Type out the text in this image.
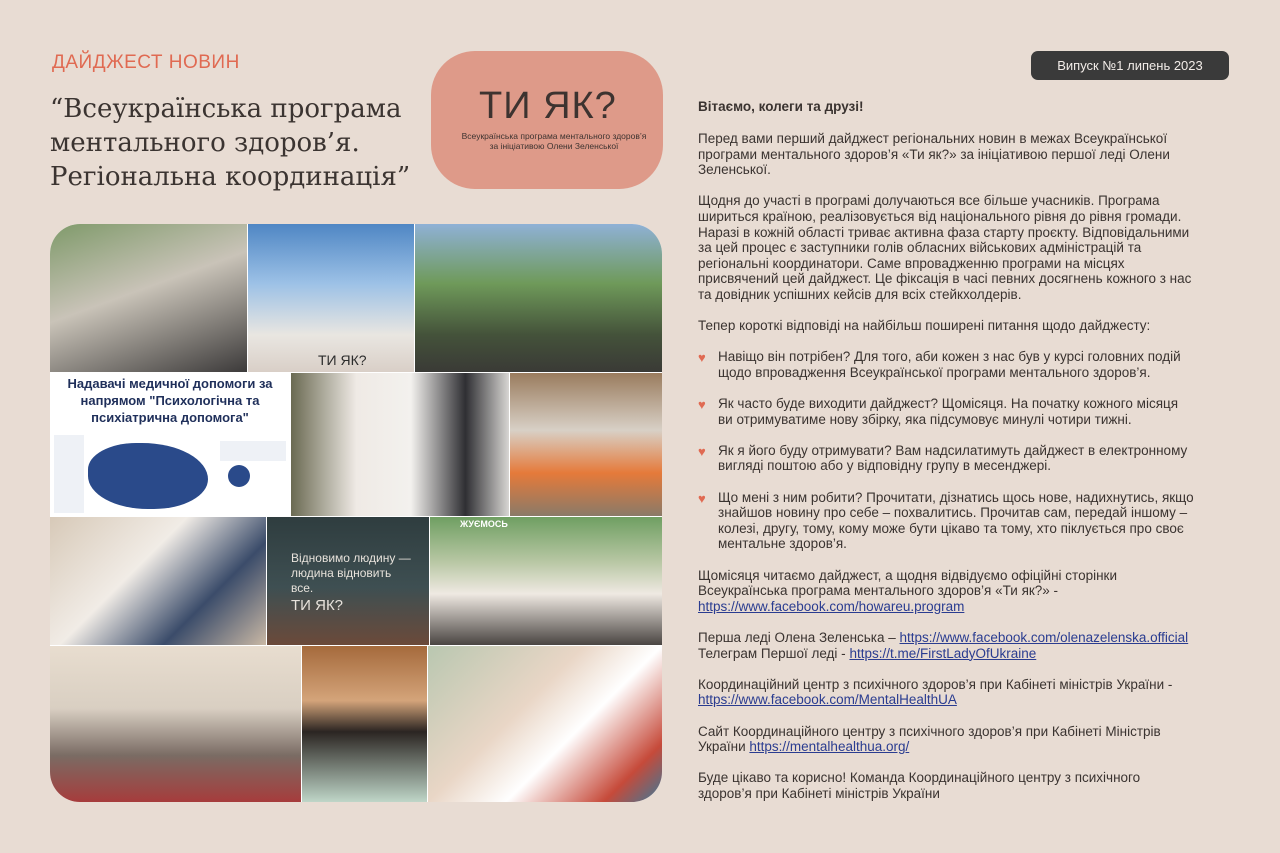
ДАЙДЖЕСТ НОВИН
“Всеукраїнська програма ментального здоров’я. Регіональна координація”
ТИ ЯК?
Всеукраїнська програма ментального здоров’я за ініціативою Олени Зеленської
Випуск №1 липень 2023
ТИ ЯК?
Надавачі медичної допомоги за напрямом "Психологічна та психіатрична допомога"
Відновимо людину — людина відновить все.
ТИ ЯК?
ЖУЄМОСЬ
Вітаємо, колеги та друзі!

Перед вами перший дайджест регіональних новин в межах Всеукраїнської
програми ментального здоров’я «Ти як?» за ініціативою першої леді Олени
Зеленської.

Щодня до участі в програмі долучаються все більше учасників. Програма
шириться країною, реалізовується від національного рівня до рівня громади.
Наразі в кожній області триває активна фаза старту проєкту. Відповідальними
за цей процес є заступники голів обласних військових адміністрацій та
регіональні координатори. Саме впровадженню програми на місцях
присвячений цей дайджест. Це фіксація в часі певних досягнень кожного з нас
та довідник успішних кейсів для всіх стейкхолдерів.

Тепер короткі відповіді на найбільш поширені питання щодо дайджесту:

♥ Навіщо він потрібен? Для того, аби кожен з нас був у курсі головних подій
щодо впровадження Всеукраїнської програми ментального здоров’я.

♥ Як часто буде виходити дайджест? Щомісяця. На початку кожного місяця
ви отримуватиме нову збірку, яка підсумовує минулі чотири тижні.

♥ Як я його буду отримувати? Вам надсилатимуть дайджест в електронному
вигляді поштою або у відповідну групу в месенджері.

♥ Що мені з ним робити? Прочитати, дізнатись щось нове, надихнутись, якщо
знайшов новину про себе – похвалитись. Прочитав сам, передай іншому –
колезі, другу, тому, кому може бути цікаво та тому, хто піклується про своє
ментальне здоров’я.

Щомісяця читаємо дайджест, а щодня відвідуємо офіційні сторінки
Всеукраїнська програма ментального здоров’я «Ти як?» -
https://www.facebook.com/howareu.program

Перша леді Олена Зеленська – https://www.facebook.com/olenazelenska.official
Телеграм Першої леді - https://t.me/FirstLadyOfUkraine

Координаційний центр з психічного здоров’я при Кабінеті міністрів України -
https://www.facebook.com/MentalHealthUA

Сайт Координаційного центру з психічного здоров’я при Кабінеті Міністрів
України https://mentalhealthua.org/

Буде цікаво та корисно! Команда Координаційного центру з психічного
здоров’я при Кабінеті міністрів України
